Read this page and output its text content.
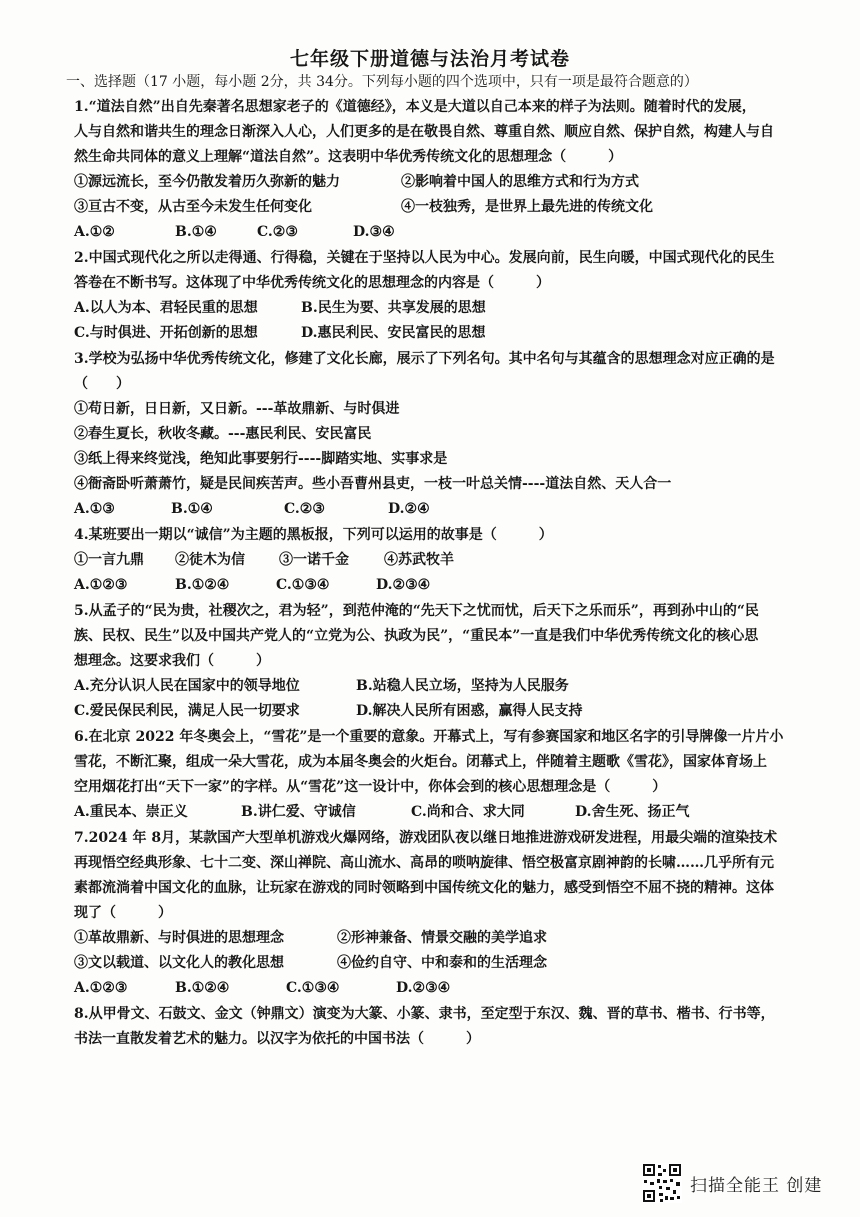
七年级下册道德与法治月考试卷
一、选择题（17 小题，每小题 2分，共 34分。下列每小题的四个选项中，只有一项是最符合题意的）
1.“道法自然”出自先秦著名思想家老子的《道德经》，本义是大道以自己本来的样子为法则。随着时代的发展，
人与自然和谐共生的理念日渐深入人心，人们更多的是在敬畏自然、尊重自然、顺应自然、保护自然，构建人与自
然生命共同体的意义上理解“道法自然”。这表明中华优秀传统文化的思想理念（　　　）
①源远流长，至今仍散发着历久弥新的魅力	②影响着中国人的思维方式和行为方式
③亘古不变，从古至今未发生任何变化	④一枝独秀，是世界上最先进的传统文化
A.①②	B.①④	C.②③	D.③④
2.中国式现代化之所以走得通、行得稳，关键在于坚持以人民为中心。发展向前，民生向暖，中国式现代化的民生
答卷在不断书写。这体现了中华优秀传统文化的思想理念的内容是（　　　）
A.以人为本、君轻民重的思想	B.民生为要、共享发展的思想
C.与时俱进、开拓创新的思想	D.惠民利民、安民富民的思想
3.学校为弘扬中华优秀传统文化，修建了文化长廊，展示了下列名句。其中名句与其蕴含的思想理念对应正确的是
（　　）
①苟日新，日日新，又日新。---革故鼎新、与时俱进
②春生夏长，秋收冬藏。---惠民利民、安民富民
③纸上得来终觉浅，绝知此事要躬行----脚踏实地、实事求是
④衙斋卧听萧萧竹，疑是民间疾苦声。些小吾曹州县吏，一枝一叶总关情----道法自然、天人合一
A.①③	B.①④	C.②③	D.②④
4.某班要出一期以“诚信”为主题的黑板报，下列可以运用的故事是（　　　）
①一言九鼎	②徒木为信	③一诺千金	④苏武牧羊
A.①②③	B.①②④	C.①③④	D.②③④
5.从孟子的“民为贵，社稷次之，君为轻”，到范仲淹的“先天下之忧而忧，后天下之乐而乐”，再到孙中山的“民
族、民权、民生”以及中国共产党人的“立党为公、执政为民”，“重民本”一直是我们中华优秀传统文化的核心思
想理念。这要求我们（　　　）
A.充分认识人民在国家中的领导地位	B.站稳人民立场，坚持为人民服务
C.爱民保民利民，满足人民一切要求	D.解决人民所有困惑，赢得人民支持
6.在北京 2022 年冬奥会上，“雪花”是一个重要的意象。开幕式上，写有参赛国家和地区名字的引导牌像一片片小
雪花，不断汇聚，组成一朵大雪花，成为本届冬奥会的火炬台。闭幕式上，伴随着主题歌《雪花》，国家体育场上
空用烟花打出“天下一家”的字样。从“雪花”这一设计中，你体会到的核心思想理念是（　　　）
A.重民本、崇正义	B.讲仁爱、守诚信	C.尚和合、求大同	D.舍生死、扬正气
7.2024 年 8月，某款国产大型单机游戏火爆网络，游戏团队夜以继日地推进游戏研发进程，用最尖端的渲染技术
再现悟空经典形象、七十二变、深山禅院、高山流水、高昂的唢呐旋律、悟空极富京剧神韵的长啸……几乎所有元
素都流淌着中国文化的血脉，让玩家在游戏的同时领略到中国传统文化的魅力，感受到悟空不屈不挠的精神。这体
现了（　　　）
①革故鼎新、与时俱进的思想理念	②形神兼备、情景交融的美学追求
③文以载道、以文化人的教化思想	④俭约自守、中和泰和的生活理念
A.①②③	B.①②④	C.①③④	D.②③④
8.从甲骨文、石鼓文、金文（钟鼎文）演变为大篆、小篆、隶书，至定型于东汉、魏、晋的草书、楷书、行书等，
书法一直散发着艺术的魅力。以汉字为依托的中国书法（　　　）
扫描全能王 创建
